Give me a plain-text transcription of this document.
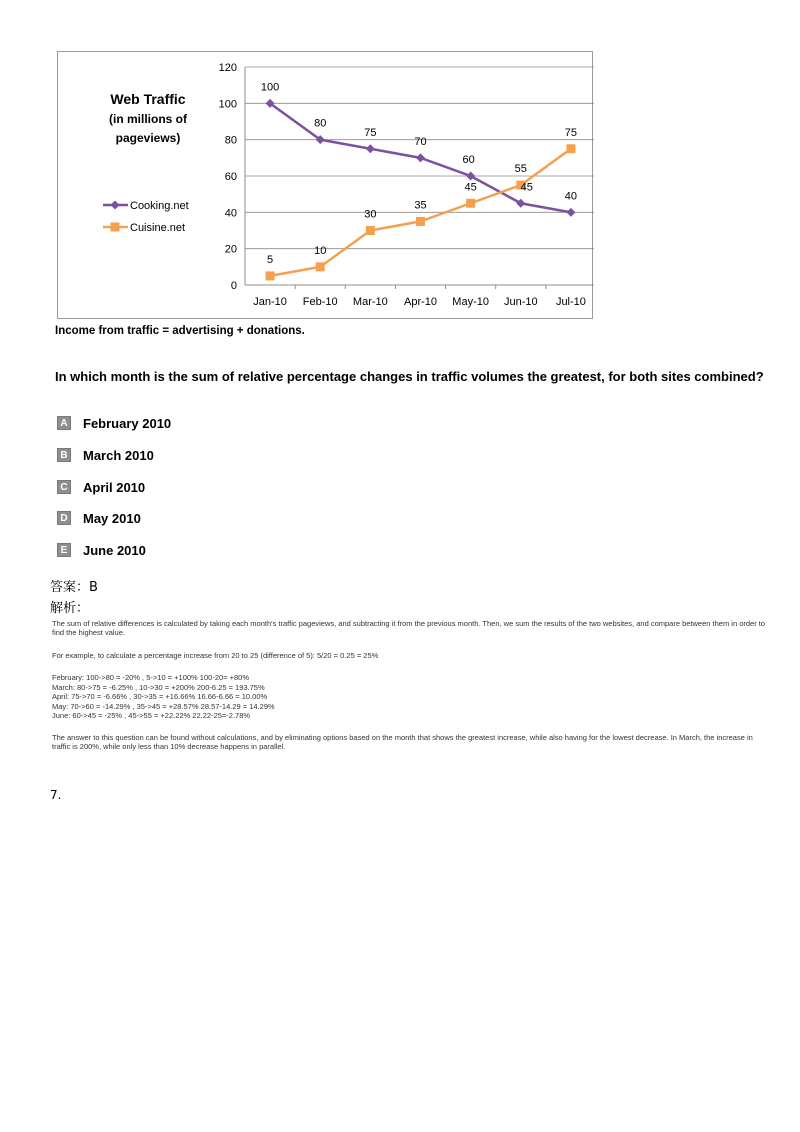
0
20
40
60
80
100
120
Jan-10 Feb-10 Mar-10 Apr-10 May-10 Jun-10 Jul-10
Web Traffic
(in millions of
pageviews)
100
80
75
70
60
45
40
5
10
30
35
45
55
75
Cooking.net
Cuisine.net
Income from traffic = advertising + donations.
In which month is the sum of relative percentage changes in traffic volumes the greatest, for both sites combined?
A February 2010
B March 2010
C April 2010
D May 2010
E June 2010
答案：B
解析：
The sum of relative differences is calculated by taking each month's traffic pageviews, and subtracting it from the previous month. Then, we sum the results of the two websites, and compare between them in order to find the highest value.
For example, to calculate a percentage increase from 20 to 25 (difference of 5): 5/20 = 0.25 = 25%
February: 100->80 = -20% , 5->10 = +100% 100-20= +80%
March: 80->75 = -6.25% , 10->30 = +200% 200-6.25 = 193.75%
April: 75->70 = -6.66% , 30->35 = +16.66% 16.66-6.66 = 10.00%
May: 70->60 = -14.29% , 35->45 = +28.57% 28.57-14.29 = 14.29%
June: 60->45 = -25% , 45->55 = +22.22% 22.22-25=-2.78%
The answer to this question can be found without calculations, and by eliminating options based on the month that shows the greatest increase, while also having for the lowest decrease. In March, the increase in traffic is 200%, while only less than 10% decrease happens in parallel.
7.
